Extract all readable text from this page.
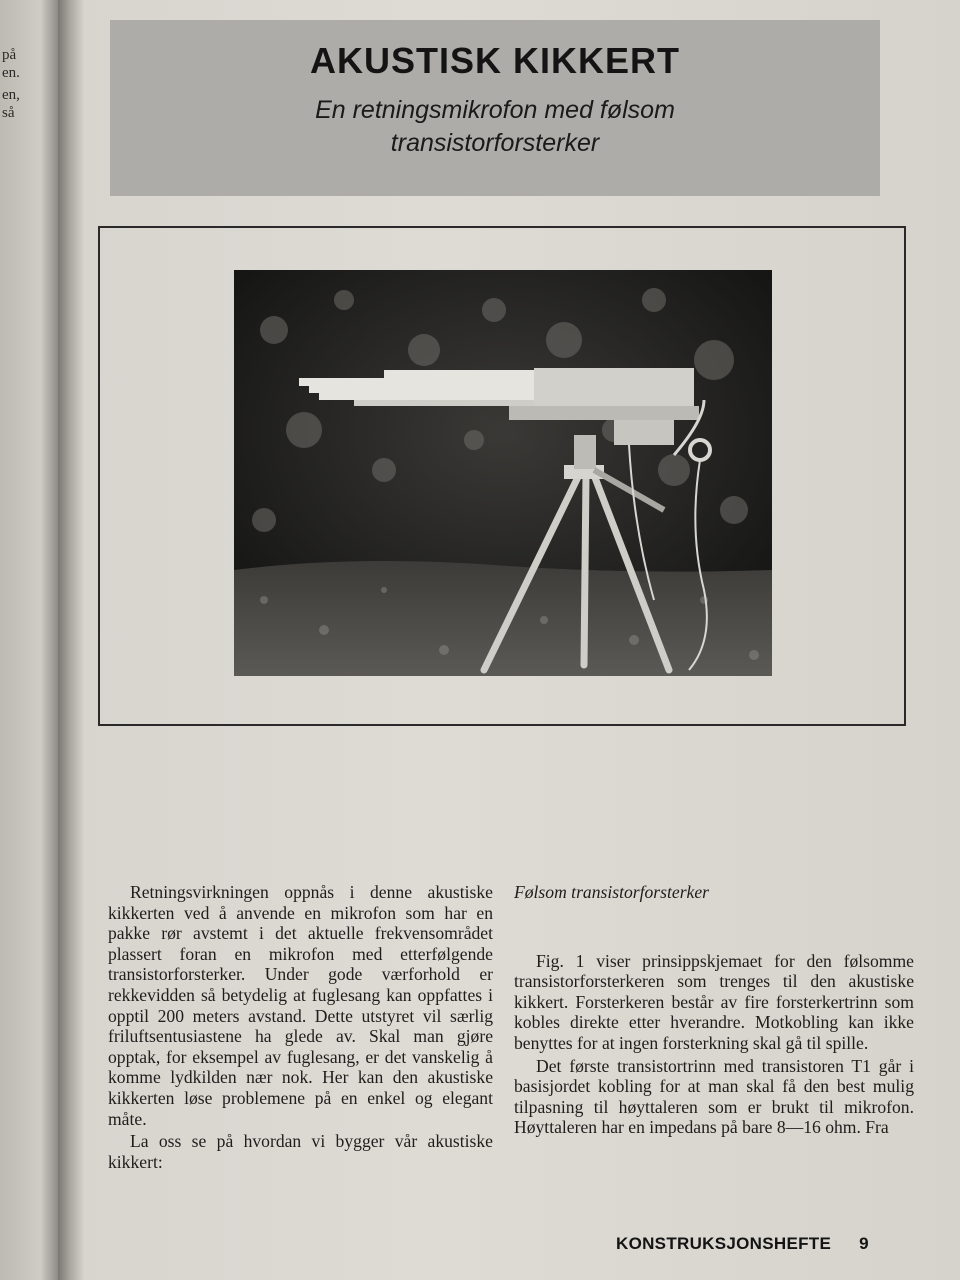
på
en.
en,
så
AKUSTISK KIKKERT
En retningsmikrofon med følsom transistorforsterker

Retningsvirkningen oppnås i denne akustiske kikkerten ved å anvende en mikrofon som har en pakke rør avstemt i det aktuelle frekvensområdet plassert foran en mikrofon med etterfølgende transistorforsterker. Under gode værforhold er rekkevidden så betydelig at fuglesang kan oppfattes i opptil 200 meters avstand. Dette utstyret vil særlig friluftsentusiastene ha glede av. Skal man gjøre opptak, for eksempel av fuglesang, er det vanskelig å komme lydkilden nær nok. Her kan den akustiske kikkerten løse problemene på en enkel og elegant måte.

La oss se på hvordan vi bygger vår akustiske kikkert:

Følsom transistorforsterker

Fig. 1 viser prinsippskjemaet for den følsomme transistorforsterkeren som trenges til den akustiske kikkert. Forsterkeren består av fire forsterkertrinn som kobles direkte etter hverandre. Motkobling kan ikke benyttes for at ingen forsterkning skal gå til spille.

Det første transistortrinn med transistoren T1 går i basisjordet kobling for at man skal få den best mulig tilpasning til høyttaleren som er brukt til mikrofon. Høyttaleren har en impedans på bare 8—16 ohm. Fra

KONSTRUKSJONSHEFTE 9
